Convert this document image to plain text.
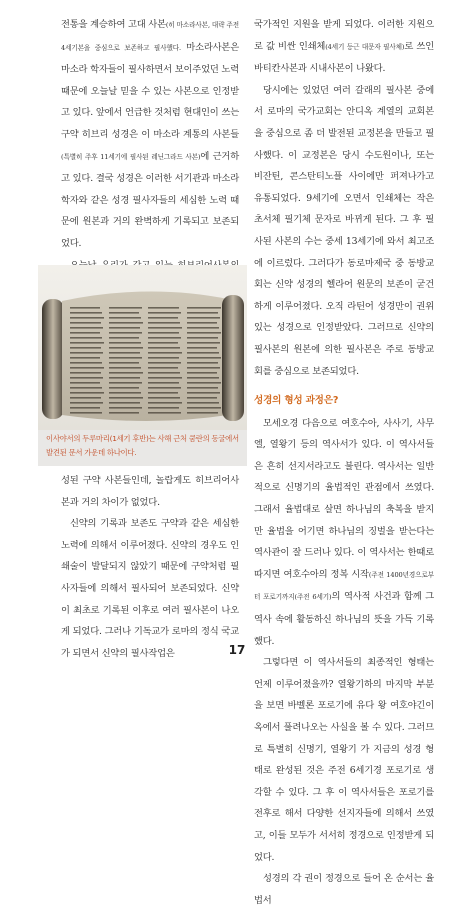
전통을 계승하여 고대 사본(히 마소라사본, 대략 주전 4세기본을 중심으로 보존하고 필사했다. 마소라사본은 마소라 학자들이 필사하면서 보이주었던 노력 때문에 오늘날 믿을 수 있는 사본으로 인정받고 있다. 앞에서 언급한 것처럼 현대인이 쓰는 구약 히브리 성경은 이 마소라 계통의 사본들(특별히 주후 11세기에 필사된 레닌그라드 사본)에 근거하고 있다. 결국 성경은 이러한 서기관과 마소라 학자와 같은 성경 필사자들의 세심한 노력 때문에 원본과 거의 완벽하게 기록되고 보존되었다.

이사야서의 두루마리(1세기 후반)는 사해 근처 쿰란의 동굴에서 발견된 문서 가운데 하나이다.

성된 구약 사본들인데, 놀랍게도 히브리어사본과 거의 차이가 없었다.

신약의 기록과 보존도 구약과 같은 세심한 노력에 의해서 이루어졌다. 신약의 경우도 인쇄술이 발달되지 않았기 때문에 구약처럼 필사자들에 의해서 필사되어 보존되었다. 신약이 최초로 기록된 이후로 여러 필사본이 나오게 되었다. 그러나 기독교가 로마의 정식 국교가 되면서 신약의 필사작업은

국가적인 지원을 받게 되었다. 이러한 지원으로 값 비싼 인쇄체(4세기 등근 대문자 필사체)로 쓰인 바티칸사본과 시내사본이 나왔다.

당시에는 있었던 여러 갈래의 필사본 중에서 로마의 국가교회는 안디옥 계열의 교회본을 중심으로 좀 더 발전된 교정본을 만들고 필사했다. 이 교정본은 당시 수도원이나, 또는 비잔틴, 콘스탄티노플 사이에만 퍼져나가고 유통되었다. 9세기에 오면서 인쇄체는 작은 초서체 필기체 문자로 바뀌게 된다. 그 후 필사된 사본의 수는 중세 13세기에 와서 최고조에 이르렀다. 그러다가 동로마제국 중 동방교회는 신약 성경의 헬라어 원문의 보존이 굳건하게 이루어졌다. 오직 라틴어 성경만이 권위 있는 성경으로 인정받았다. 그러므로 신약의 필사본의 원본에 의한 필사본은 주로 동방교회를 중심으로 보존되었다.

성경의 형성 과정은?

모세오경 다음으로 여호수아, 사사기, 사무엘, 열왕기 등의 역사서가 있다. 이 역사서들은 흔히 선지서라고도 불린다. 역사서는 일반적으로 신명기의 율법적인 관점에서 쓰였다. 그래서 율법대로 살면 하나님의 축복을 받지만 율법을 어기면 하나님의 징벌을 받는다는 역사관이 잘 드러나 있다. 이 역사서는 한때로 따지면 여호수아의 정복 시작(주전 1400년경으로부터 포로기까지(주전 6세기)의 역사적 사건과 함께 그 역사 속에 활동하신 하나님의 뜻을 가득 기록했다.

그렇다면 이 역사서들의 최종적인 형태는 언제 이루어졌을까? 열왕기하의 마지막 부분을 보면 바벨론 포로기에 유다 왕 여호야긴이 옥에서 풀려나오는 사실을 볼 수 있다. 그러므로 특별히 신명기, 열왕기 가 지금의 성경 형태로 완성된 것은 주전 6세기경 포로기로 생각할 수 있다. 그 후 이 역사서들은 포로기를 전후로 해서 다양한 선지자들에 의해서 쓰였고, 이들 모두가 서서히 정경으로 인정받게 되었다.

성경의 각 권이 정경으로 들어 온 순서는 율법서

17
